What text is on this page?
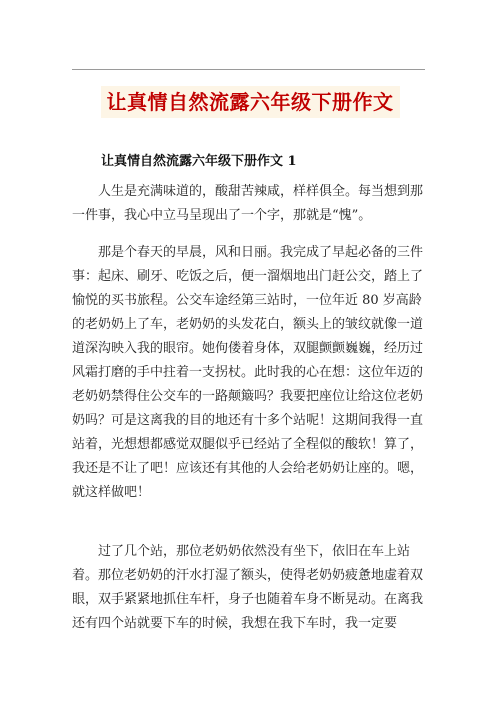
让真情自然流露六年级下册作文
让真情自然流露六年级下册作文 1

人生是充满味道的，酸甜苦辣咸，样样俱全。每当想到那一件事，我心中立马呈现出了一个字，那就是“愧”。

那是个春天的早晨，风和日丽。我完成了早起必备的三件事：起床、刷牙、吃饭之后，便一溜烟地出门赶公交，踏上了愉悦的买书旅程。公交车途经第三站时，一位年近 80 岁高龄的老奶奶上了车，老奶奶的头发花白，额头上的皱纹就像一道道深沟映入我的眼帘。她佝偻着身体，双腿颤颤巍巍，经历过风霜打磨的手中拄着一支拐杖。此时我的心在想：这位年迈的老奶奶禁得住公交车的一路颠簸吗？我要把座位让给这位老奶奶吗？可是这离我的目的地还有十多个站呢！这期间我得一直站着，光想想都感觉双腿似乎已经站了全程似的酸软！算了，我还是不让了吧！应该还有其他的人会给老奶奶让座的。嗯，就这样做吧！

过了几个站，那位老奶奶依然没有坐下，依旧在车上站着。那位老奶奶的汗水打湿了额头，使得老奶奶疲惫地虚着双眼，双手紧紧地抓住车杆，身子也随着车身不断晃动。在离我还有四个站就要下车的时候，我想在我下车时，我一定要
